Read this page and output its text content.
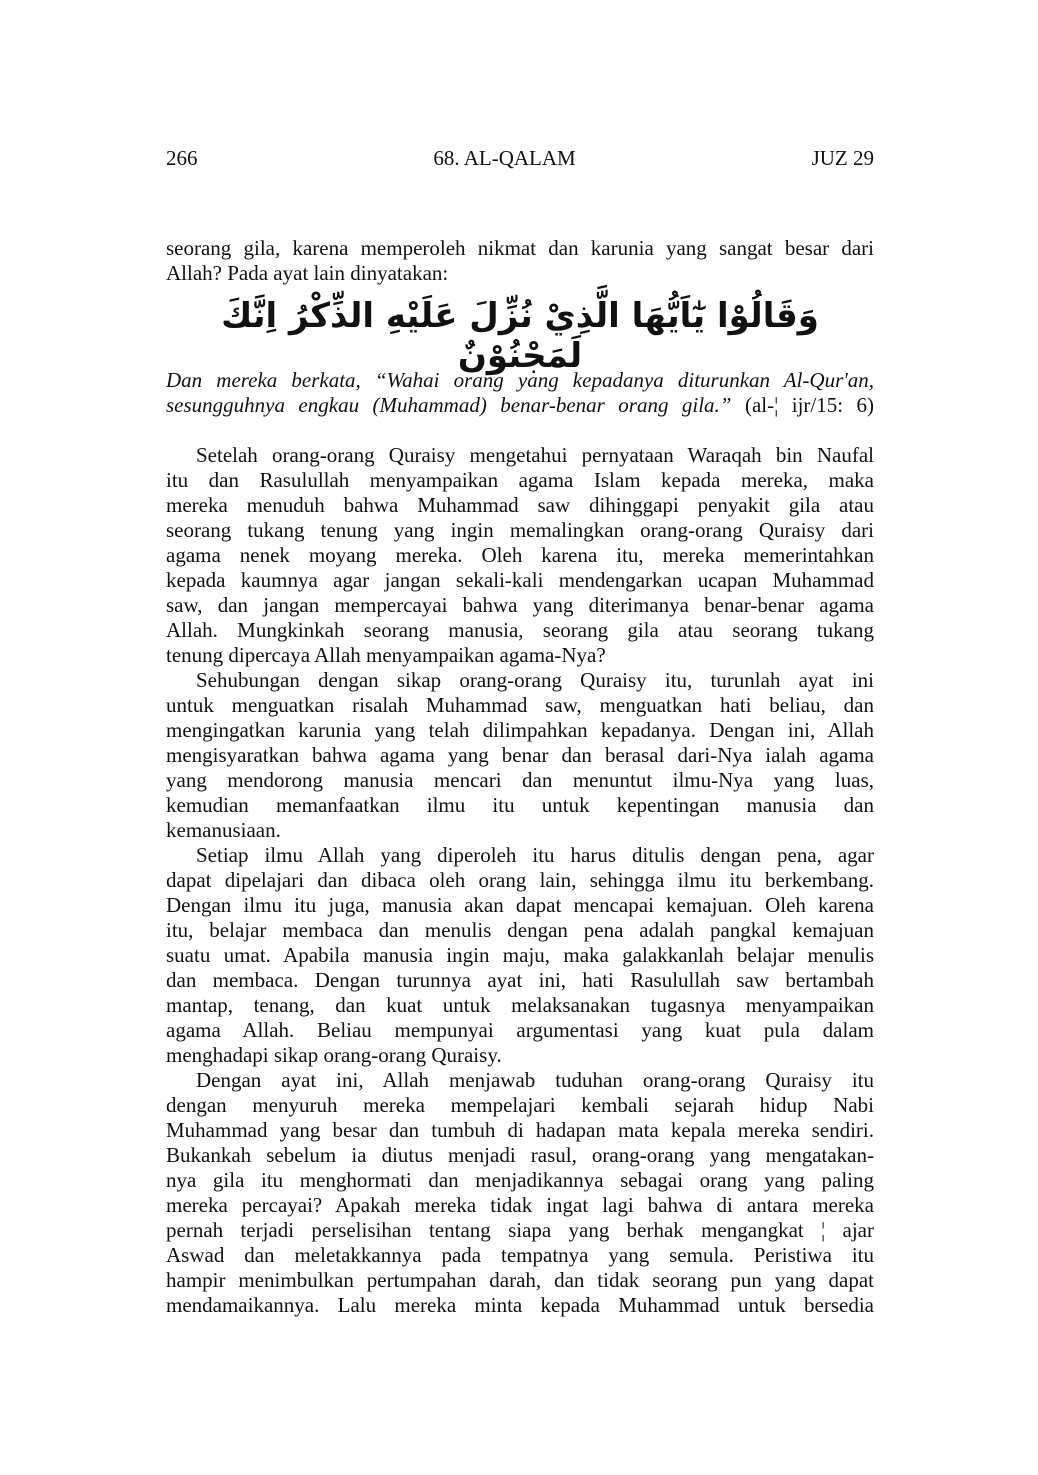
266	68. AL-QALAM	JUZ 29
seorang gila, karena memperoleh nikmat dan karunia yang sangat besar dari
Allah? Pada ayat lain dinyatakan:
وَقَالُوْا يٰٓاَيُّهَا الَّذِيْ نُزِّلَ عَلَيْهِ الذِّكْرُ اِنَّكَ لَمَجْنُوْنٌ
Dan mereka berkata, “Wahai orang yang kepadanya diturunkan Al-Qur'an,
sesungguhnya engkau (Muhammad) benar-benar orang gila.” (al-¦ ijr/15: 6)
Setelah orang-orang Quraisy mengetahui pernyataan Waraqah bin Naufal
itu dan Rasulullah menyampaikan agama Islam kepada mereka, maka
mereka menuduh bahwa Muhammad saw dihinggapi penyakit gila atau
seorang tukang tenung yang ingin memalingkan orang-orang Quraisy dari
agama nenek moyang mereka. Oleh karena itu, mereka memerintahkan
kepada kaumnya agar jangan sekali-kali mendengarkan ucapan Muhammad
saw, dan jangan mempercayai bahwa yang diterimanya benar-benar agama
Allah. Mungkinkah seorang manusia, seorang gila atau seorang tukang
tenung dipercaya Allah menyampaikan agama-Nya?
Sehubungan dengan sikap orang-orang Quraisy itu, turunlah ayat ini
untuk menguatkan risalah Muhammad saw, menguatkan hati beliau, dan
mengingatkan karunia yang telah dilimpahkan kepadanya. Dengan ini, Allah
mengisyaratkan bahwa agama yang benar dan berasal dari-Nya ialah agama
yang mendorong manusia mencari dan menuntut ilmu-Nya yang luas,
kemudian memanfaatkan ilmu itu untuk kepentingan manusia dan
kemanusiaan.
Setiap ilmu Allah yang diperoleh itu harus ditulis dengan pena, agar
dapat dipelajari dan dibaca oleh orang lain, sehingga ilmu itu berkembang.
Dengan ilmu itu juga, manusia akan dapat mencapai kemajuan. Oleh karena
itu, belajar membaca dan menulis dengan pena adalah pangkal kemajuan
suatu umat. Apabila manusia ingin maju, maka galakkanlah belajar menulis
dan membaca. Dengan turunnya ayat ini, hati Rasulullah saw bertambah
mantap, tenang, dan kuat untuk melaksanakan tugasnya menyampaikan
agama Allah. Beliau mempunyai argumentasi yang kuat pula dalam
menghadapi sikap orang-orang Quraisy.
Dengan ayat ini, Allah menjawab tuduhan orang-orang Quraisy itu
dengan menyuruh mereka mempelajari kembali sejarah hidup Nabi
Muhammad yang besar dan tumbuh di hadapan mata kepala mereka sendiri.
Bukankah sebelum ia diutus menjadi rasul, orang-orang yang mengatakan-
nya gila itu menghormati dan menjadikannya sebagai orang yang paling
mereka percayai? Apakah mereka tidak ingat lagi bahwa di antara mereka
pernah terjadi perselisihan tentang siapa yang berhak mengangkat ¦ ajar
Aswad dan meletakkannya pada tempatnya yang semula. Peristiwa itu
hampir menimbulkan pertumpahan darah, dan tidak seorang pun yang dapat
mendamaikannya. Lalu mereka minta kepada Muhammad untuk bersedia
